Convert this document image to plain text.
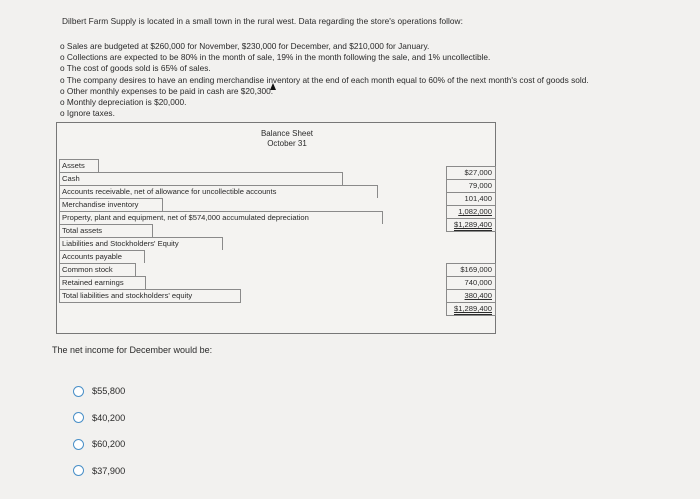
Dilbert Farm Supply is located in a small town in the rural west. Data regarding the store's operations follow:
o Sales are budgeted at $260,000 for November, $230,000 for December, and $210,000 for January.
o Collections are expected to be 80% in the month of sale, 19% in the month following the sale, and 1% uncollectible.
o The cost of goods sold is 65% of sales.
o The company desires to have an ending merchandise inventory at the end of each month equal to 60% of the next month's cost of goods sold.
o Other monthly expenses to be paid in cash are $20,300.
o Monthly depreciation is $20,000.
o Ignore taxes.
Balance Sheet
October 31
Assets
Cash
Accounts receivable, net of allowance for uncollectible accounts
Merchandise inventory
Property, plant and equipment, net of $574,000 accumulated depreciation
Total assets
Liabilities and Stockholders' Equity
Accounts payable
Common stock
Retained earnings
Total liabilities and stockholders' equity
$27,000
79,000
101,400
1,082,000
$1,289,400
$169,000
740,000
380,400
$1,289,400
The net income for December would be:
$55,800
$40,200
$60,200
$37,900
